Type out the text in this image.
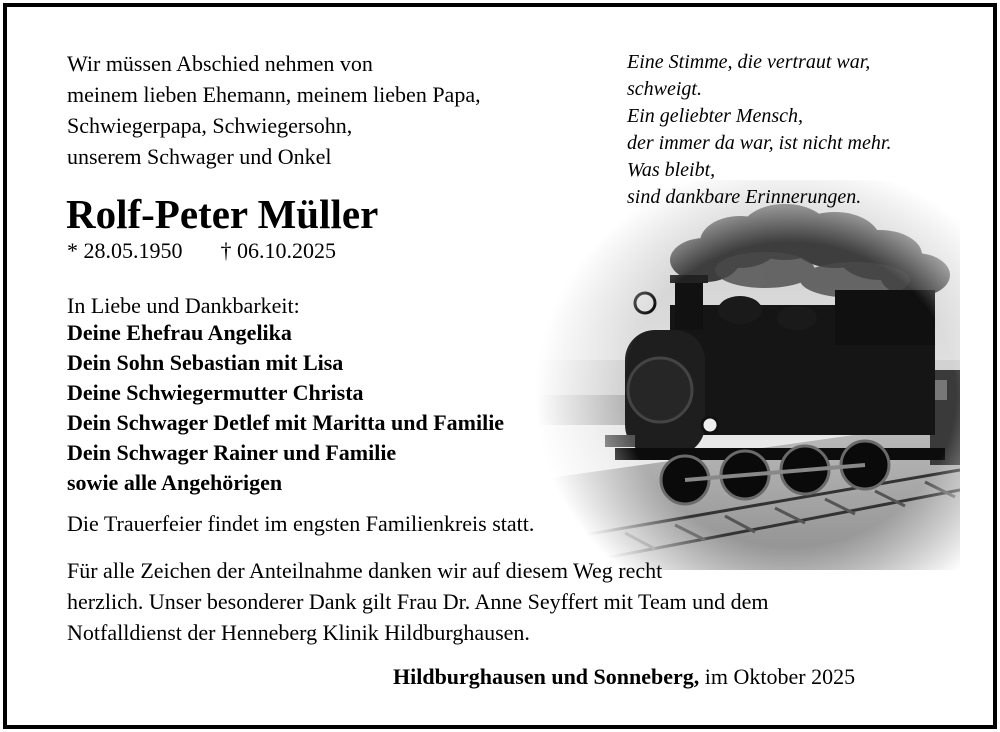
Wir müssen Abschied nehmen von
meinem lieben Ehemann, meinem lieben Papa,
Schwiegerpapa, Schwiegersohn,
unserem Schwager und Onkel
Eine Stimme, die vertraut war,
schweigt.
Ein geliebter Mensch,
der immer da war, ist nicht mehr.
Was bleibt,
sind dankbare Erinnerungen.
Rolf-Peter Müller
* 28.05.1950 † 06.10.2025
In Liebe und Dankbarkeit:
Deine Ehefrau Angelika
Dein Sohn Sebastian mit Lisa
Deine Schwiegermutter Christa
Dein Schwager Detlef mit Maritta und Familie
Dein Schwager Rainer und Familie
sowie alle Angehörigen
Die Trauerfeier findet im engsten Familienkreis statt.
Für alle Zeichen der Anteilnahme danken wir auf diesem Weg recht
herzlich. Unser besonderer Dank gilt Frau Dr. Anne Seyffert mit Team und dem
Notfalldienst der Henneberg Klinik Hildburghausen.
Hildburghausen und Sonneberg, im Oktober 2025
